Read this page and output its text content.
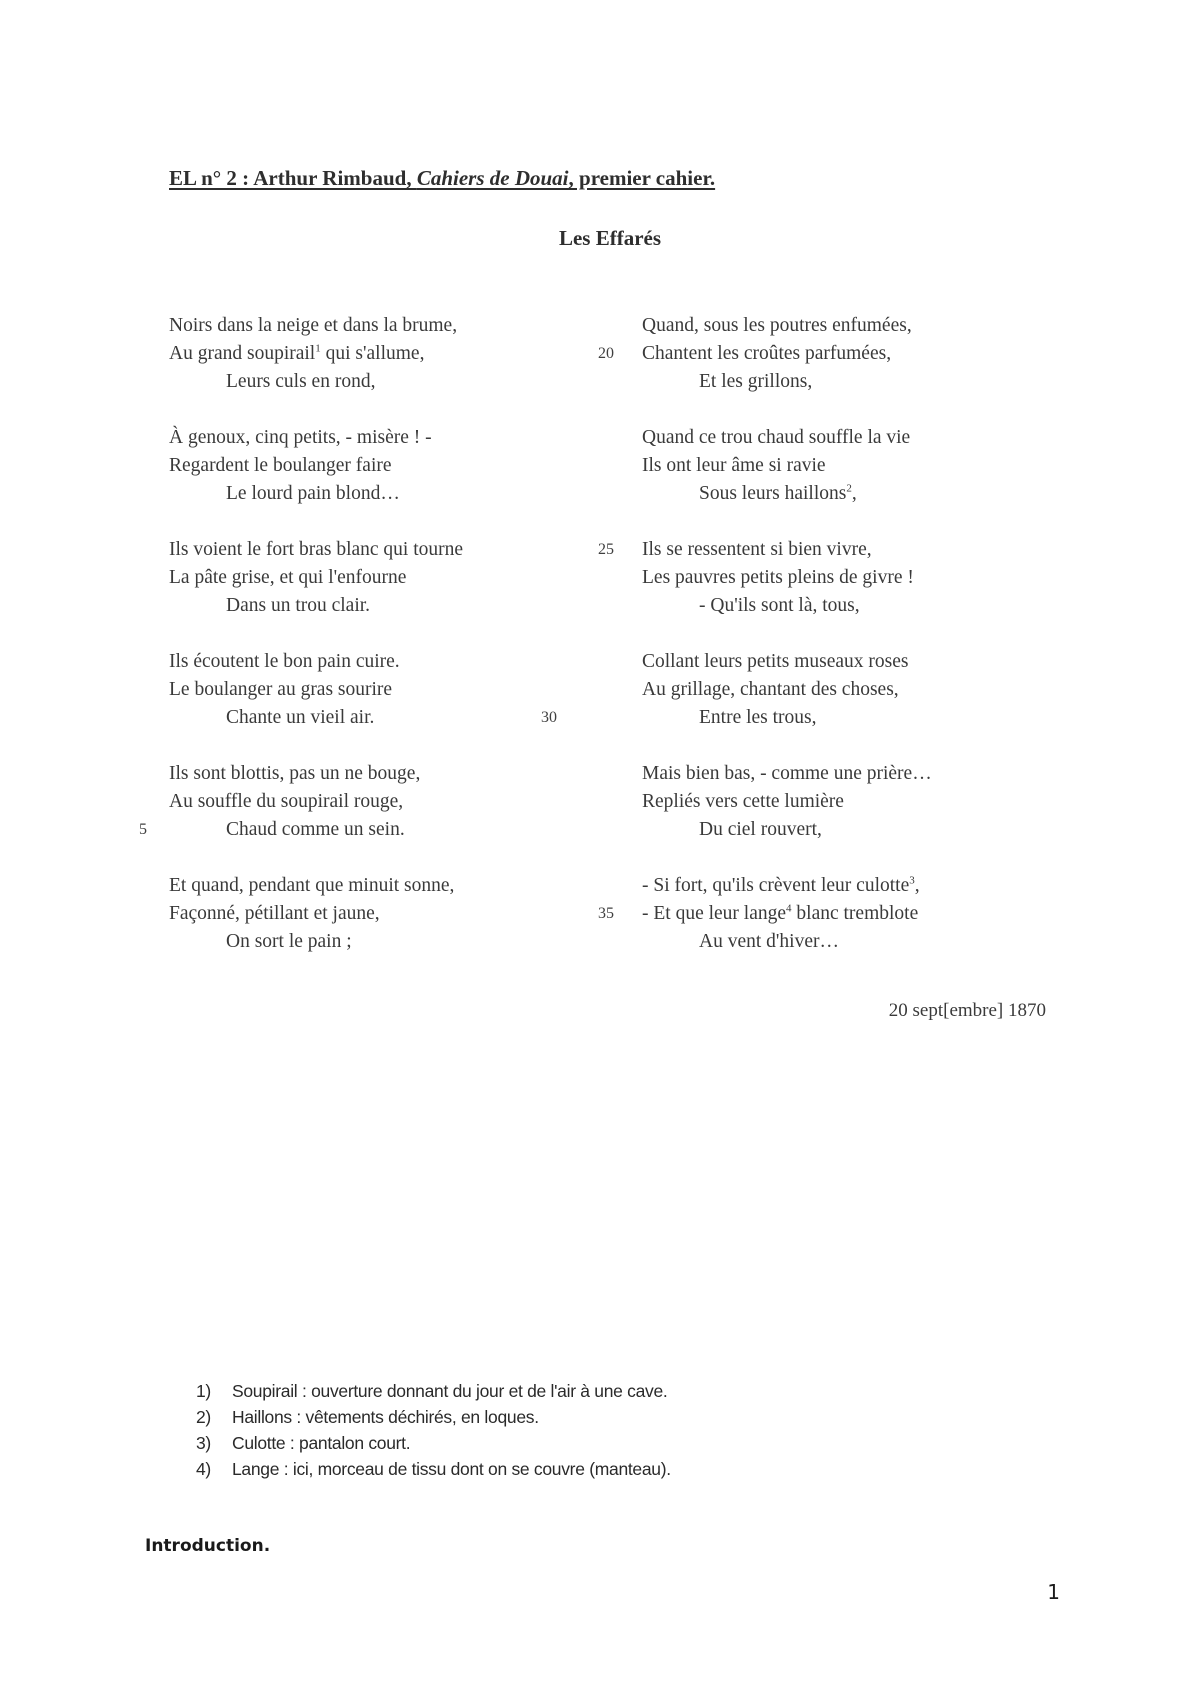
EL n° 2 : Arthur Rimbaud, Cahiers de Douai, premier cahier.
Les Effarés
Noirs dans la neige et dans la brume,
Au grand soupirail$^1$ qui s'allume,
Leurs culs en rond,
À genoux, cinq petits, - misère ! -
Regardent le boulanger faire
Le lourd pain blond…
Ils voient le fort bras blanc qui tourne
La pâte grise, et qui l'enfourne
Dans un trou clair.
Ils écoutent le bon pain cuire.
Le boulanger au gras sourire
Chante un vieil air.
Ils sont blottis, pas un ne bouge,
Au souffle du soupirail rouge,
5	Chaud comme un sein.
Et quand, pendant que minuit sonne,
Façonné, pétillant et jaune,
On sort le pain ;
Quand, sous les poutres enfumées,
20 Chantent les croûtes parfumées,
Et les grillons,
Quand ce trou chaud souffle la vie
Ils ont leur âme si ravie
Sous leurs haillons$^2$,
25 Ils se ressentent si bien vivre,
Les pauvres petits pleins de givre !
- Qu'ils sont là, tous,
Collant leurs petits museaux roses
Au grillage, chantant des choses,
30	Entre les trous,
Mais bien bas, - comme une prière…
Repliés vers cette lumière
Du ciel rouvert,
- Si fort, qu'ils crèvent leur culotte$^3$,
35 - Et que leur lange$^4$ blanc tremblote
Au vent d'hiver…
20 sept[embre] 1870
1) Soupirail : ouverture donnant du jour et de l'air à une cave.
2) Haillons : vêtements déchirés, en loques.
3) Culotte : pantalon court.
4) Lange : ici, morceau de tissu dont on se couvre (manteau).
Introduction.
1
